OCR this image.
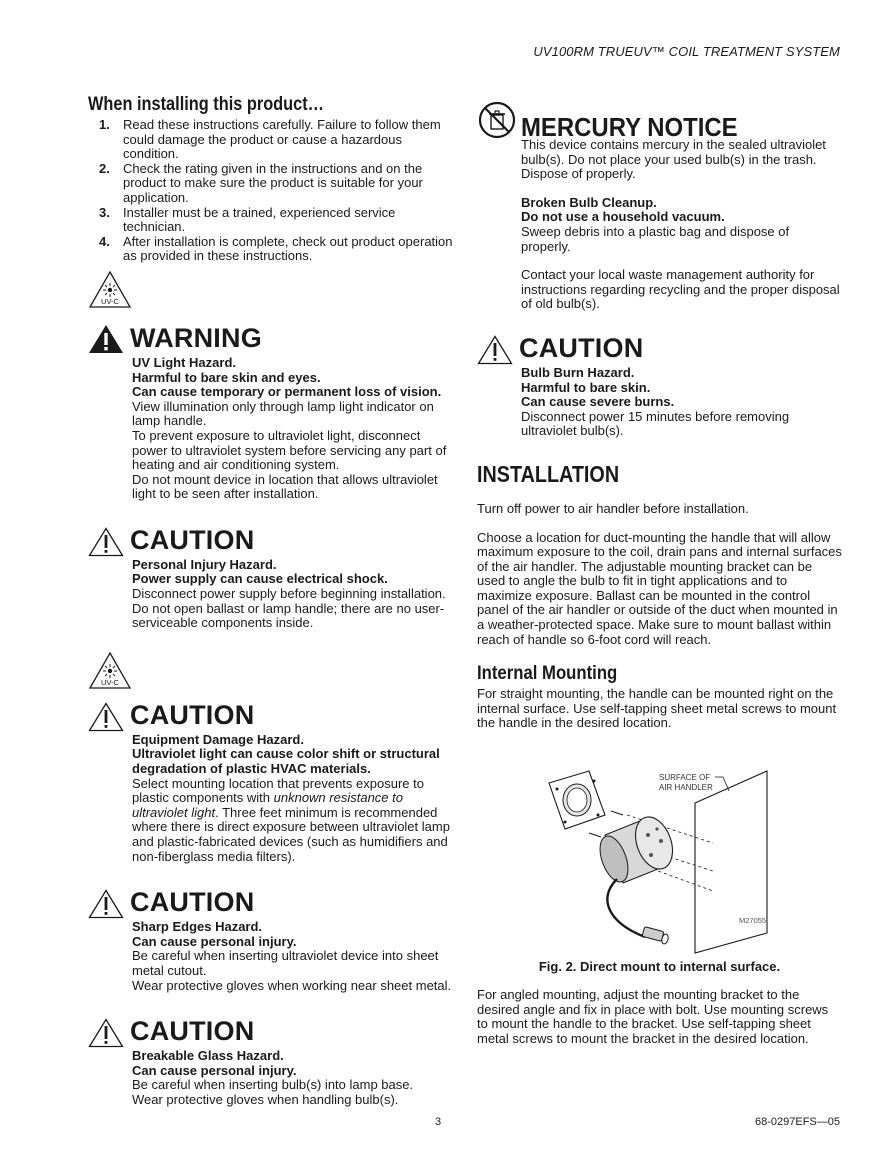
UV100RM TRUEUV™ COIL TREATMENT SYSTEM
When installing this product…
1. Read these instructions carefully. Failure to follow them could damage the product or cause a hazardous condition.
2. Check the rating given in the instructions and on the product to make sure the product is suitable for your application.
3. Installer must be a trained, experienced service technician.
4. After installation is complete, check out product operation as provided in these instructions.
UV-C
WARNING
UV Light Hazard.
Harmful to bare skin and eyes.
Can cause temporary or permanent loss of vision.
View illumination only through lamp light indicator on lamp handle.
To prevent exposure to ultraviolet light, disconnect power to ultraviolet system before servicing any part of heating and air conditioning system.
Do not mount device in location that allows ultraviolet light to be seen after installation.
CAUTION
Personal Injury Hazard.
Power supply can cause electrical shock.
Disconnect power supply before beginning installation.
Do not open ballast or lamp handle; there are no user-serviceable components inside.
UV-C
CAUTION
Equipment Damage Hazard.
Ultraviolet light can cause color shift or structural degradation of plastic HVAC materials.
Select mounting location that prevents exposure to plastic components with unknown resistance to ultraviolet light. Three feet minimum is recommended where there is direct exposure between ultraviolet lamp and plastic-fabricated devices (such as humidifiers and non-fiberglass media filters).
CAUTION
Sharp Edges Hazard.
Can cause personal injury.
Be careful when inserting ultraviolet device into sheet metal cutout.
Wear protective gloves when working near sheet metal.
CAUTION
Breakable Glass Hazard.
Can cause personal injury.
Be careful when inserting bulb(s) into lamp base.
Wear protective gloves when handling bulb(s).
MERCURY NOTICE
This device contains mercury in the sealed ultraviolet bulb(s). Do not place your used bulb(s) in the trash. Dispose of properly.
Broken Bulb Cleanup.
Do not use a household vacuum.
Sweep debris into a plastic bag and dispose of properly.
Contact your local waste management authority for instructions regarding recycling and the proper disposal of old bulb(s).
CAUTION
Bulb Burn Hazard.
Harmful to bare skin.
Can cause severe burns.
Disconnect power 15 minutes before removing ultraviolet bulb(s).
INSTALLATION
Turn off power to air handler before installation.
Choose a location for duct-mounting the handle that will allow maximum exposure to the coil, drain pans and internal surfaces of the air handler. The adjustable mounting bracket can be used to angle the bulb to fit in tight applications and to maximize exposure. Ballast can be mounted in the control panel of the air handler or outside of the duct when mounted in a weather-protected space. Make sure to mount ballast within reach of handle so 6-foot cord will reach.
Internal Mounting
For straight mounting, the handle can be mounted right on the internal surface. Use self-tapping sheet metal screws to mount the handle in the desired location.
SURFACE OF
AIR HANDLER
M27055
Fig. 2. Direct mount to internal surface.
For angled mounting, adjust the mounting bracket to the desired angle and fix in place with bolt. Use mounting screws to mount the handle to the bracket. Use self-tapping sheet metal screws to mount the bracket in the desired location.
3	68-0297EFS—05
